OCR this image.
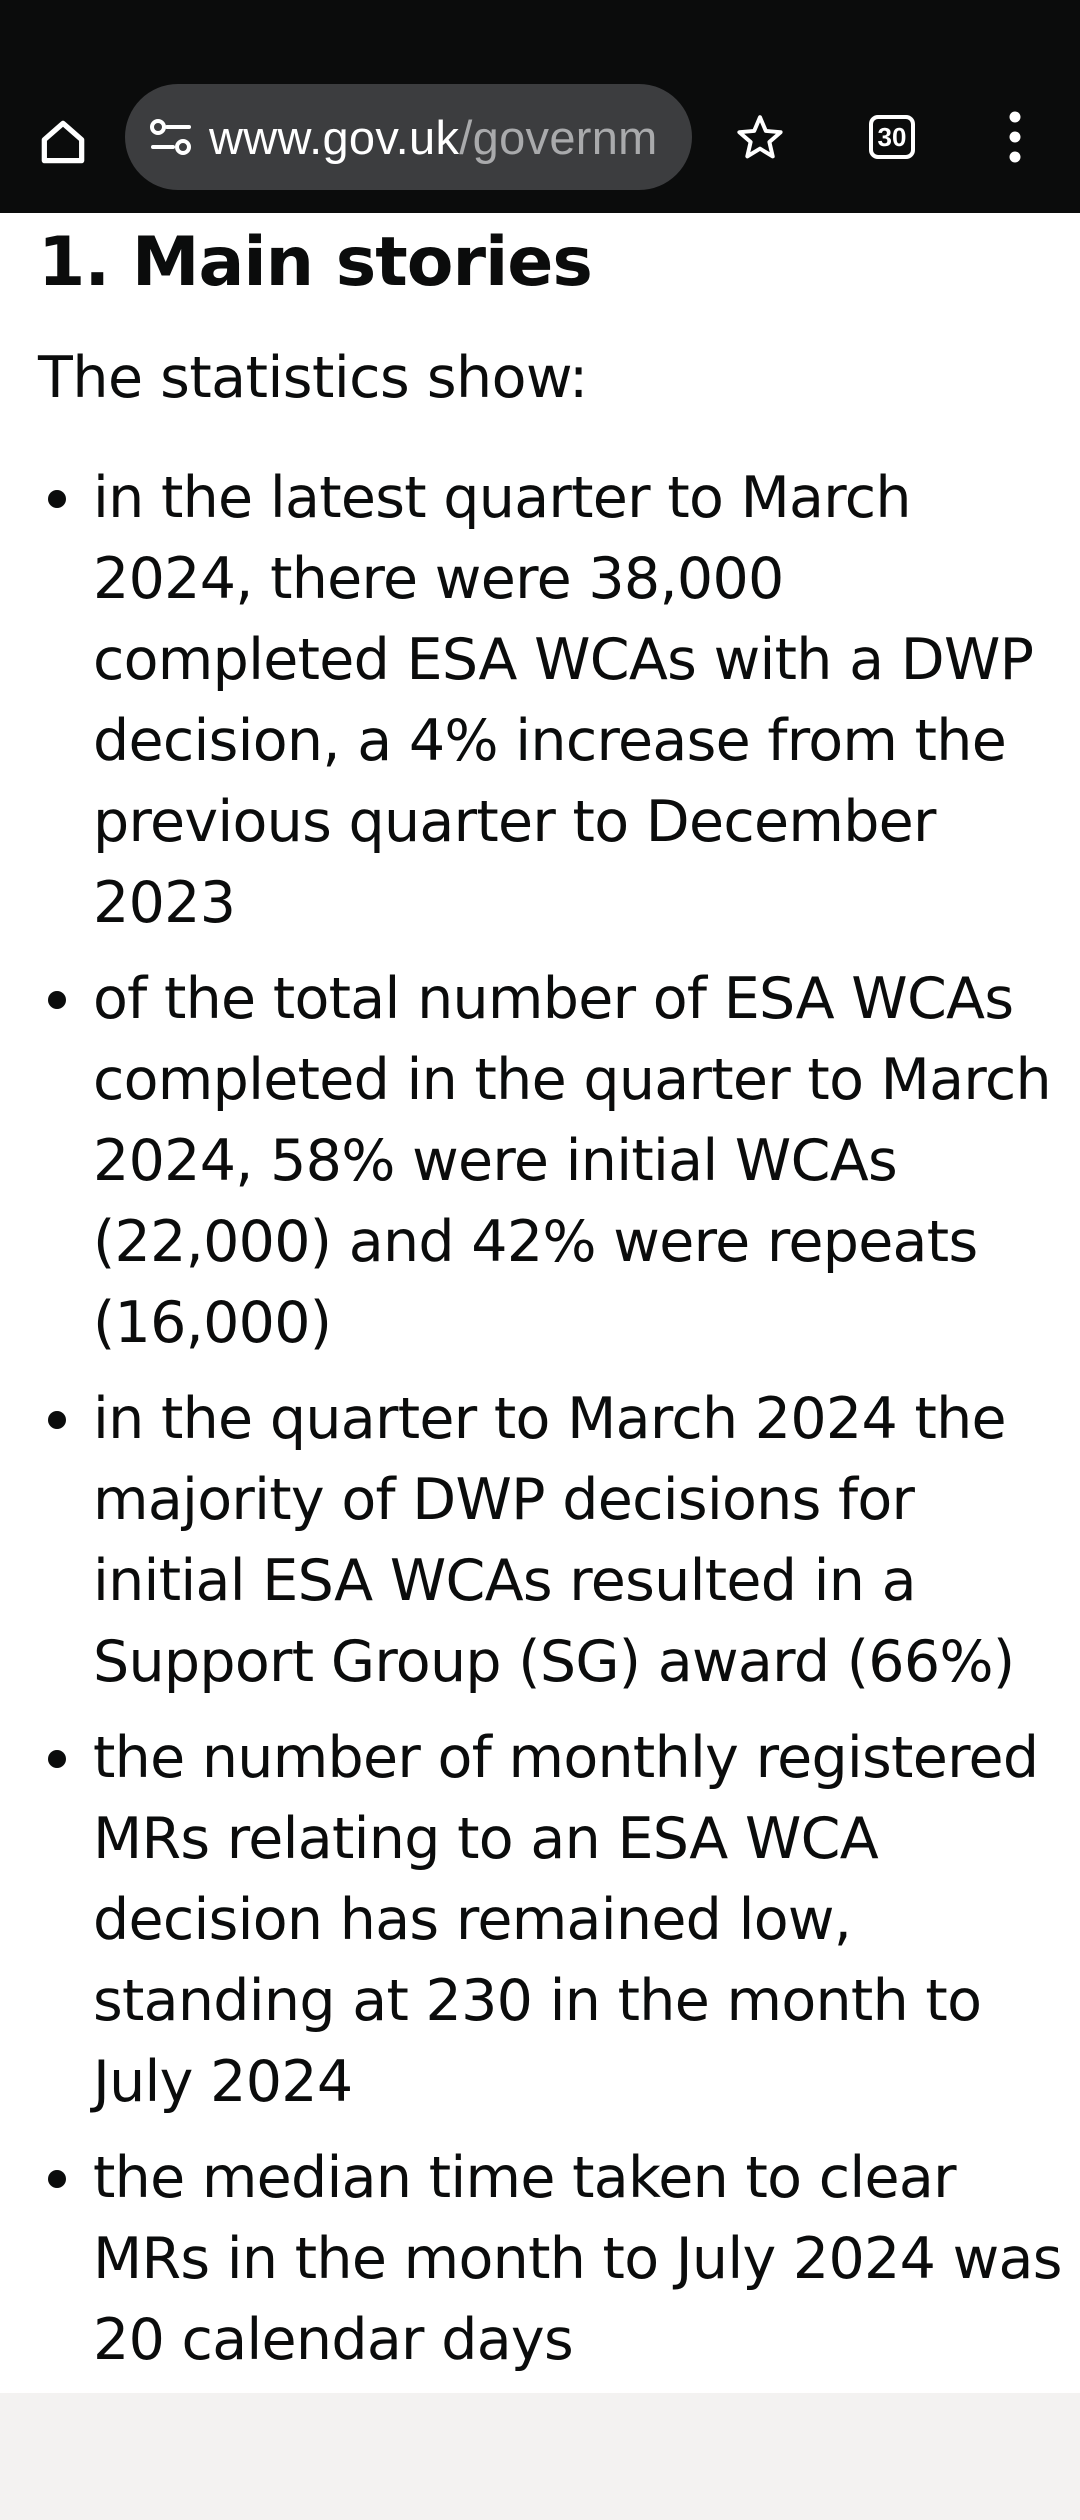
www.gov.uk/governm	30
1. Main stories

The statistics show:

in the latest quarter to March 2024, there were 38,000 completed ESA WCAs with a DWP decision, a 4% increase from the previous quarter to December 2023
of the total number of ESA WCAs completed in the quarter to March 2024, 58% were initial WCAs (22,000) and 42% were repeats (16,000)
in the quarter to March 2024 the majority of DWP decisions for initial ESA WCAs resulted in a Support Group (SG) award (66%)
the number of monthly registered MRs relating to an ESA WCA decision has remained low, standing at 230 in the month to July 2024
the median time taken to clear MRs in the month to July 2024 was 20 calendar days
